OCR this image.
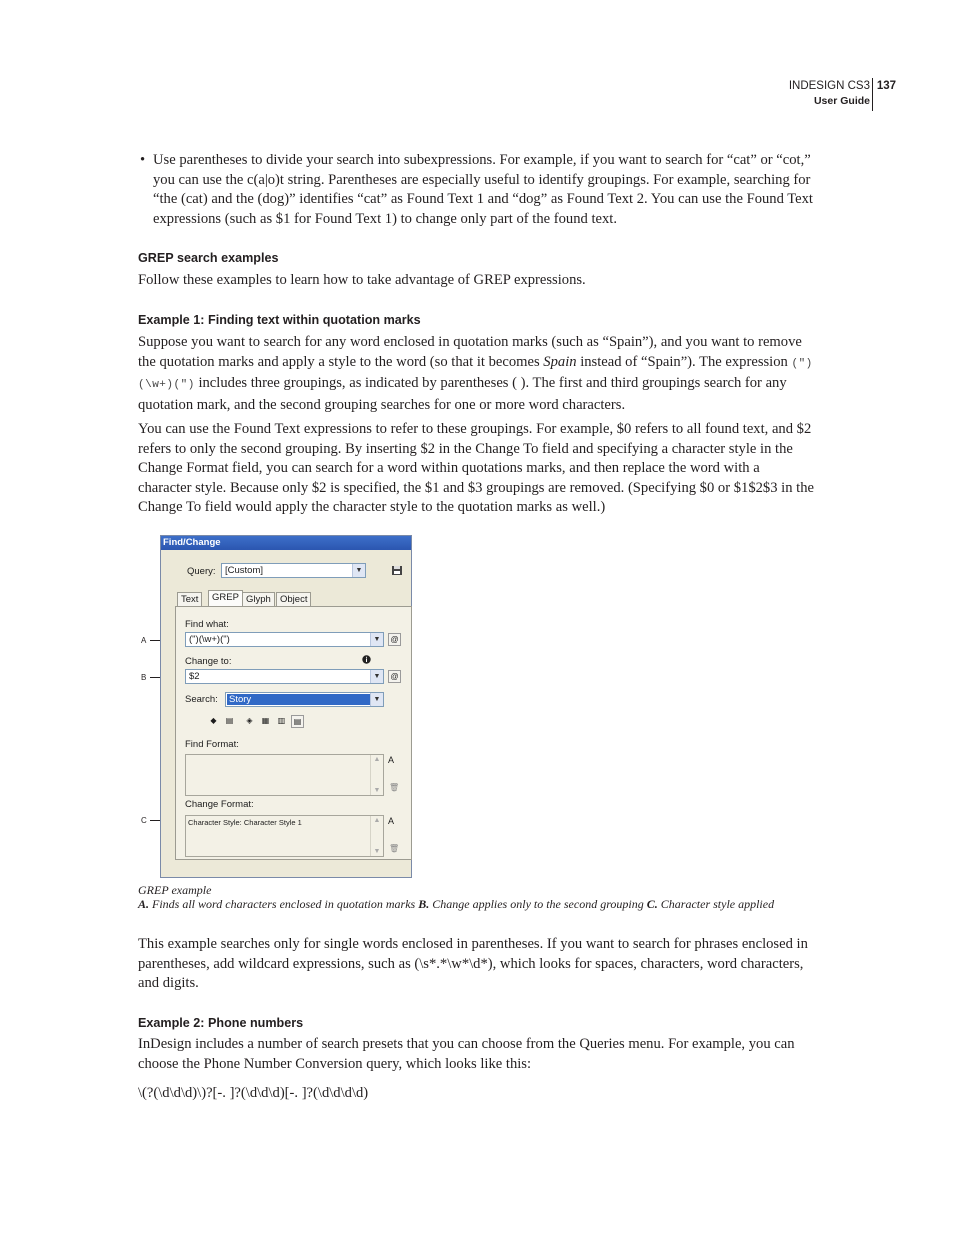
INDESIGN CS3
User Guide
137
• Use parentheses to divide your search into subexpressions. For example, if you want to search for “cat” or “cot,” you can use the c(a|o)t string. Parentheses are especially useful to identify groupings. For example, searching for “the (cat) and the (dog)” identifies “cat” as Found Text 1 and “dog” as Found Text 2. You can use the Found Text expressions (such as $1 for Found Text 1) to change only part of the found text.
GREP search examples
Follow these examples to learn how to take advantage of GREP expressions.
Example 1: Finding text within quotation marks

Suppose you want to search for any word enclosed in quotation marks (such as “Spain”), and you want to remove the quotation marks and apply a style to the word (so that it becomes Spain instead of “Spain”). The expression (")(\w+)(") includes three groupings, as indicated by parentheses ( ). The first and third groupings search for any quotation mark, and the second grouping searches for one or more word characters.

You can use the Found Text expressions to refer to these groupings. For example, $0 refers to all found text, and $2 refers to only the second grouping. By inserting $2 in the Change To field and specifying a character style in the Change Format field, you can search for a word within quotations marks, and then replace the word with a character style. Because only $2 is specified, the $1 and $3 groupings are removed. (Specifying $0 or $1$2$3 in the Change To field would apply the character style to the quotation marks as well.)
A
B
C
Find/Change
Query: [Custom]	▼
Text	GREP Glyph Object
Find what:
(")(\w+)(")	▼	@
Change to:
$2	▼	@
Search: Story	▼
◆	▤	◈	▦	▥	▤
Find Format:
▲
▼
A
🗑
Change Format:
Character Style: Character Style 1	▲
▼
A
🗑
GREP example
A. Finds all word characters enclosed in quotation marks B. Change applies only to the second grouping C. Character style applied
This example searches only for single words enclosed in parentheses. If you want to search for phrases enclosed in parentheses, add wildcard expressions, such as (\s*.*\w*\d*), which looks for spaces, characters, word characters, and digits.
Example 2: Phone numbers
InDesign includes a number of search presets that you can choose from the Queries menu. For example, you can choose the Phone Number Conversion query, which looks like this:
\(?(\d\d\d)\)?[-. ]?(\d\d\d)[-. ]?(\d\d\d\d)
